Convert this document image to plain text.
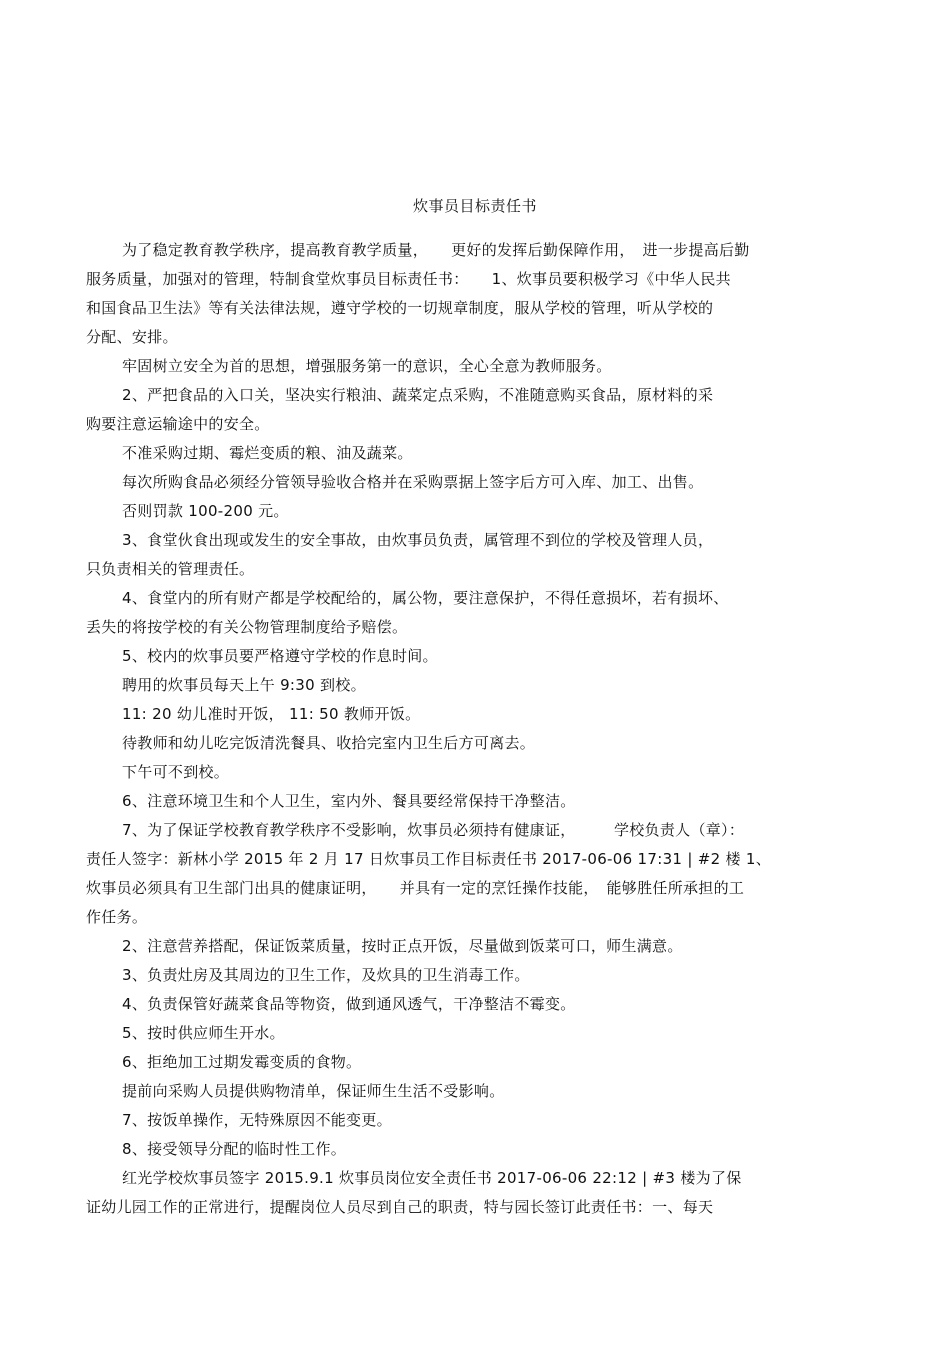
炊事员目标责任书
为了稳定教育教学秩序，提高教育教学质量，　　更好的发挥后勤保障作用，　进一步提高后勤
服务质量，加强对的管理，特制食堂炊事员目标责任书：　　1、炊事员要积极学习《中华人民共
和国食品卫生法》等有关法律法规，遵守学校的一切规章制度，服从学校的管理，听从学校的
分配、安排。
牢固树立安全为首的思想，增强服务第一的意识，全心全意为教师服务。
2、严把食品的入口关，坚决实行粮油、蔬菜定点采购，不准随意购买食品，原材料的采
购要注意运输途中的安全。
不准采购过期、霉烂变质的粮、油及蔬菜。
每次所购食品必须经分管领导验收合格并在采购票据上签字后方可入库、加工、出售。
否则罚款 100-200 元。
3、食堂伙食出现或发生的安全事故，由炊事员负责，属管理不到位的学校及管理人员，
只负责相关的管理责任。
4、食堂内的所有财产都是学校配给的，属公物，要注意保护，不得任意损坏，若有损坏、
丢失的将按学校的有关公物管理制度给予赔偿。
5、校内的炊事员要严格遵守学校的作息时间。
聘用的炊事员每天上午 9:30 到校。
11: 20 幼儿准时开饭， 11: 50 教师开饭。
待教师和幼儿吃完饭清洗餐具、收拾完室内卫生后方可离去。
下午可不到校。
6、注意环境卫生和个人卫生，室内外、餐具要经常保持干净整洁。
7、为了保证学校教育教学秩序不受影响，炊事员必须持有健康证，　　　学校负责人（章）：
责任人签字：新林小学 2015 年 2 月 17 日炊事员工作目标责任书 2017-06-06 17:31 | #2 楼 1、
炊事员必须具有卫生部门出具的健康证明，　　并具有一定的烹饪操作技能，　能够胜任所承担的工
作任务。
2、注意营养搭配，保证饭菜质量，按时正点开饭，尽量做到饭菜可口，师生满意。
3、负责灶房及其周边的卫生工作，及炊具的卫生消毒工作。
4、负责保管好蔬菜食品等物资，做到通风透气，干净整洁不霉变。
5、按时供应师生开水。
6、拒绝加工过期发霉变质的食物。
提前向采购人员提供购物清单，保证师生生活不受影响。
7、按饭单操作，无特殊原因不能变更。
8、接受领导分配的临时性工作。
红光学校炊事员签字 2015.9.1 炊事员岗位安全责任书 2017-06-06 22:12 | #3 楼为了保
证幼儿园工作的正常进行，提醒岗位人员尽到自己的职责，特与园长签订此责任书：一、每天
